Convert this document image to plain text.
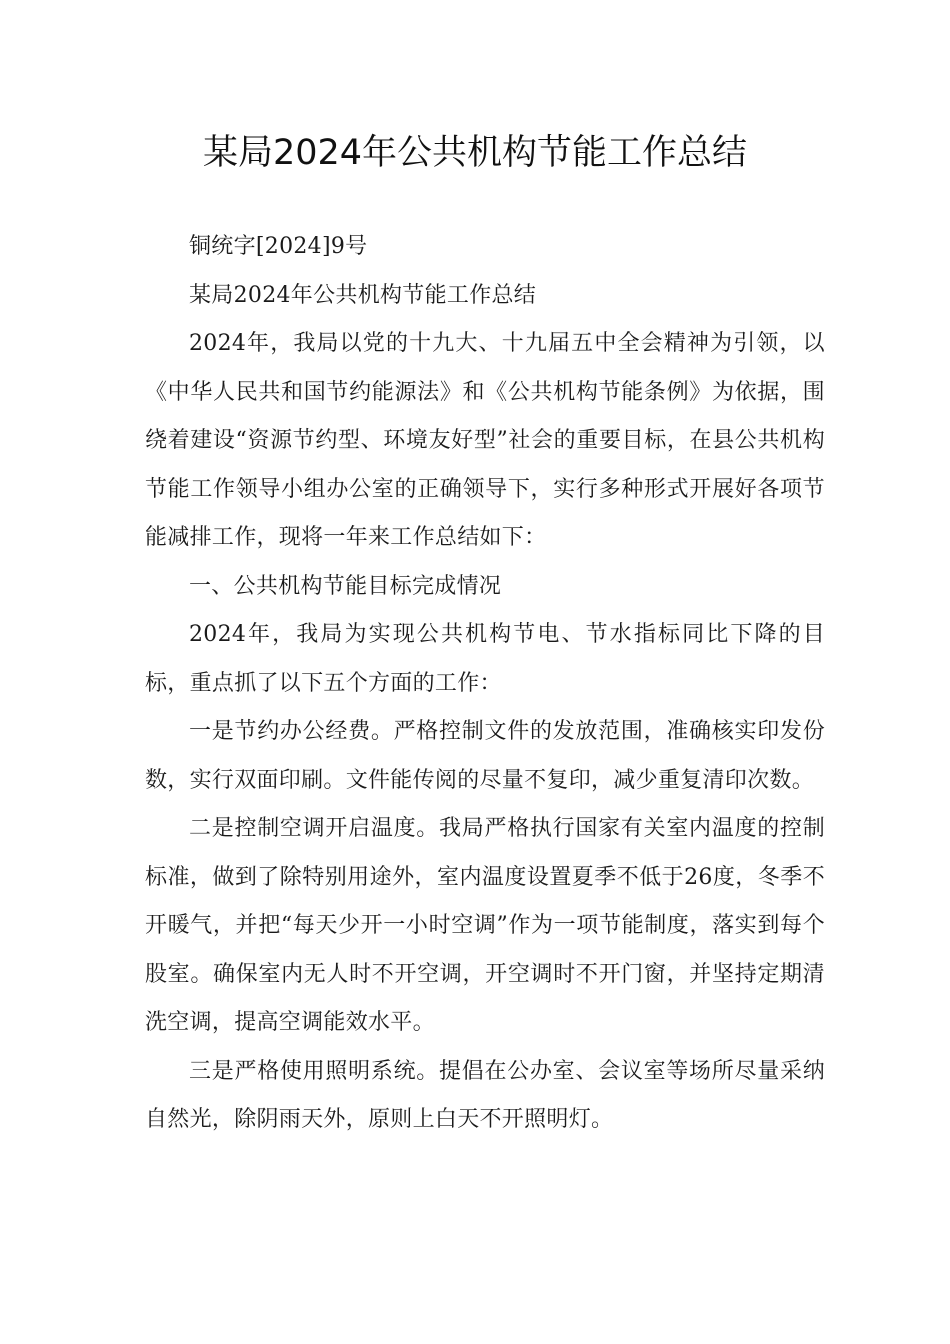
某局2024年公共机构节能工作总结

铜统字[2024]9号

某局2024年公共机构节能工作总结

2024年，我局以党的十九大、十九届五中全会精神为引领，以《中华人民共和国节约能源法》和《公共机构节能条例》为依据，围绕着建设“资源节约型、环境友好型”社会的重要目标，在县公共机构节能工作领导小组办公室的正确领导下，实行多种形式开展好各项节能减排工作，现将一年来工作总结如下：

一、公共机构节能目标完成情况

2024年，我局为实现公共机构节电、节水指标同比下降的目标，重点抓了以下五个方面的工作：

一是节约办公经费。严格控制文件的发放范围，准确核实印发份数，实行双面印刷。文件能传阅的尽量不复印，减少重复清印次数。

二是控制空调开启温度。我局严格执行国家有关室内温度的控制标准，做到了除特别用途外，室内温度设置夏季不低于26度，冬季不开暖气，并把“每天少开一小时空调”作为一项节能制度，落实到每个股室。确保室内无人时不开空调，开空调时不开门窗，并坚持定期清洗空调，提高空调能效水平。

三是严格使用照明系统。提倡在公办室、会议室等场所尽量采纳自然光，除阴雨天外，原则上白天不开照明灯。
